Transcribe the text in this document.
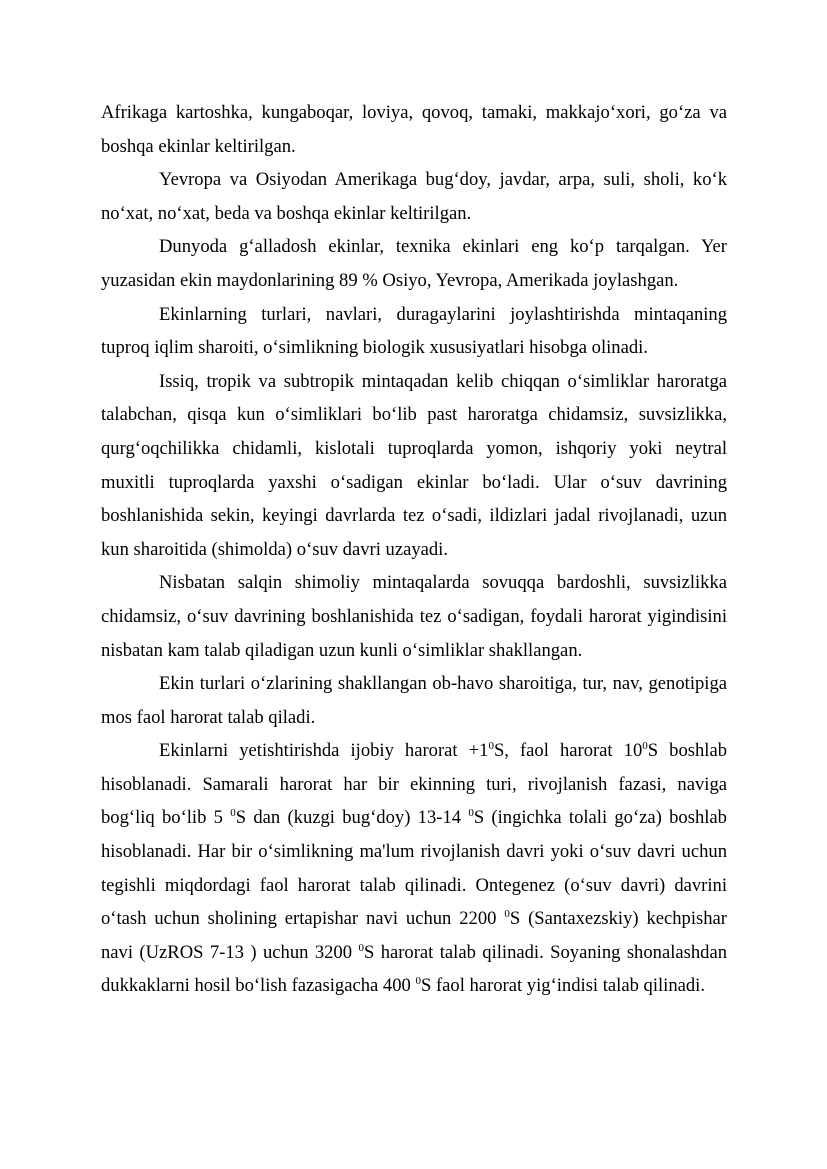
Afrikaga kartoshka, kungaboqar, loviya, qovoq, tamaki, makkajo‘xori, go‘za va boshqa ekinlar keltirilgan.

Yevropa va Osiyodan Amerikaga bug‘doy, javdar, arpa, suli, sholi, ko‘k no‘xat, no‘xat, beda va boshqa ekinlar keltirilgan.

Dunyoda g‘alladosh ekinlar, texnika ekinlari eng ko‘p tarqalgan. Yer yuzasidan ekin maydonlarining 89 % Osiyo, Yevropa, Amerikada joylashgan.

Ekinlarning turlari, navlari, duragaylarini joylashtirishda mintaqaning tuproq iqlim sharoiti, o‘simlikning biologik xususiyatlari hisobga olinadi.

Issiq, tropik va subtropik mintaqadan kelib chiqqan o‘simliklar haroratga talabchan, qisqa kun o‘simliklari bo‘lib past haroratga chidamsiz, suvsizlikka, qurg‘oqchilikka chidamli, kislotali tuproqlarda yomon, ishqoriy yoki neytral muxitli tuproqlarda yaxshi o‘sadigan ekinlar bo‘ladi. Ular o‘suv davrining boshlanishida sekin, keyingi davrlarda tez o‘sadi, ildizlari jadal rivojlanadi, uzun kun sharoitida (shimolda) o‘suv davri uzayadi.

Nisbatan salqin shimoliy mintaqalarda sovuqqa bardoshli, suvsizlikka chidamsiz, o‘suv davrining boshlanishida tez o‘sadigan, foydali harorat yigindisini nisbatan kam talab qiladigan uzun kunli o‘simliklar shakllangan.

Ekin turlari o‘zlarining shakllangan ob-havo sharoitiga, tur, nav, genotipiga mos faol harorat talab qiladi.

Ekinlarni yetishtirishda ijobiy harorat $+1^0S$, faol harorat $10^0S$ boshlab hisoblanadi. Samarali harorat har bir ekinning turi, rivojlanish fazasi, naviga bog‘liq bo‘lib 5 $^0$S dan (kuzgi bug‘doy) 13-14 $^0$S (ingichka tolali go‘za) boshlab hisoblanadi. Har bir o‘simlikning ma'lum rivojlanish davri yoki o‘suv davri uchun tegishli miqdordagi faol harorat talab qilinadi. Ontegenez (o‘suv davri) davrini o‘tash uchun sholining ertapishar navi uchun 2200 $^0$S (Santaxezskiy) kechpishar navi (UzROS 7-13 ) uchun 3200 $^0$S harorat talab qilinadi. Soyaning shonalashdan dukkaklarni hosil bo‘lish fazasigacha 400 $^0$S faol harorat yig‘indisi talab qilinadi.
